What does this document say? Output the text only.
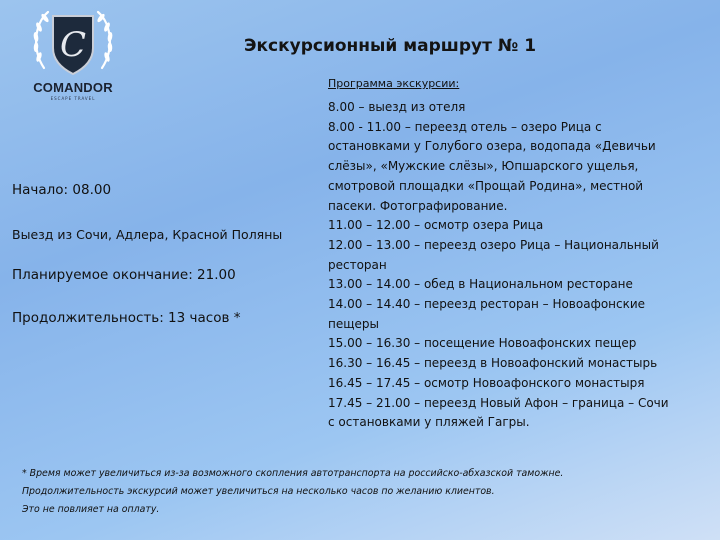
C
COMANDOR
ESCAPE TRAVEL
Экскурсионный маршрут № 1
Начало: 08.00
Выезд из Сочи, Адлера, Красной Поляны
Планируемое окончание: 21.00
Продолжительность: 13 часов *
Программа экскурсии:
8.00 – выезд из отеля
8.00 - 11.00 – переезд отель – озеро Рица с
остановками у Голубого озера, водопада «Девичьи
слёзы», «Мужские слёзы», Юпшарского ущелья,
смотровой площадки «Прощай Родина», местной
пасеки. Фотографирование.
11.00 – 12.00 – осмотр озера Рица
12.00 – 13.00 – переезд озеро Рица – Национальный
ресторан
13.00 – 14.00 – обед в Национальном ресторане
14.00 – 14.40 – переезд ресторан – Новоафонские
пещеры
15.00 – 16.30 – посещение Новоафонских пещер
16.30 – 16.45 – переезд в Новоафонский монастырь
16.45 – 17.45 – осмотр Новоафонского монастыря
17.45 – 21.00 – переезд Новый Афон – граница – Сочи
с остановками у пляжей Гагры.
* Время может увеличиться из-за возможного скопления автотранспорта на российско-абхазской таможне.
Продолжительность экскурсий может увеличиться на несколько часов по желанию клиентов.
Это не повлияет на оплату.
